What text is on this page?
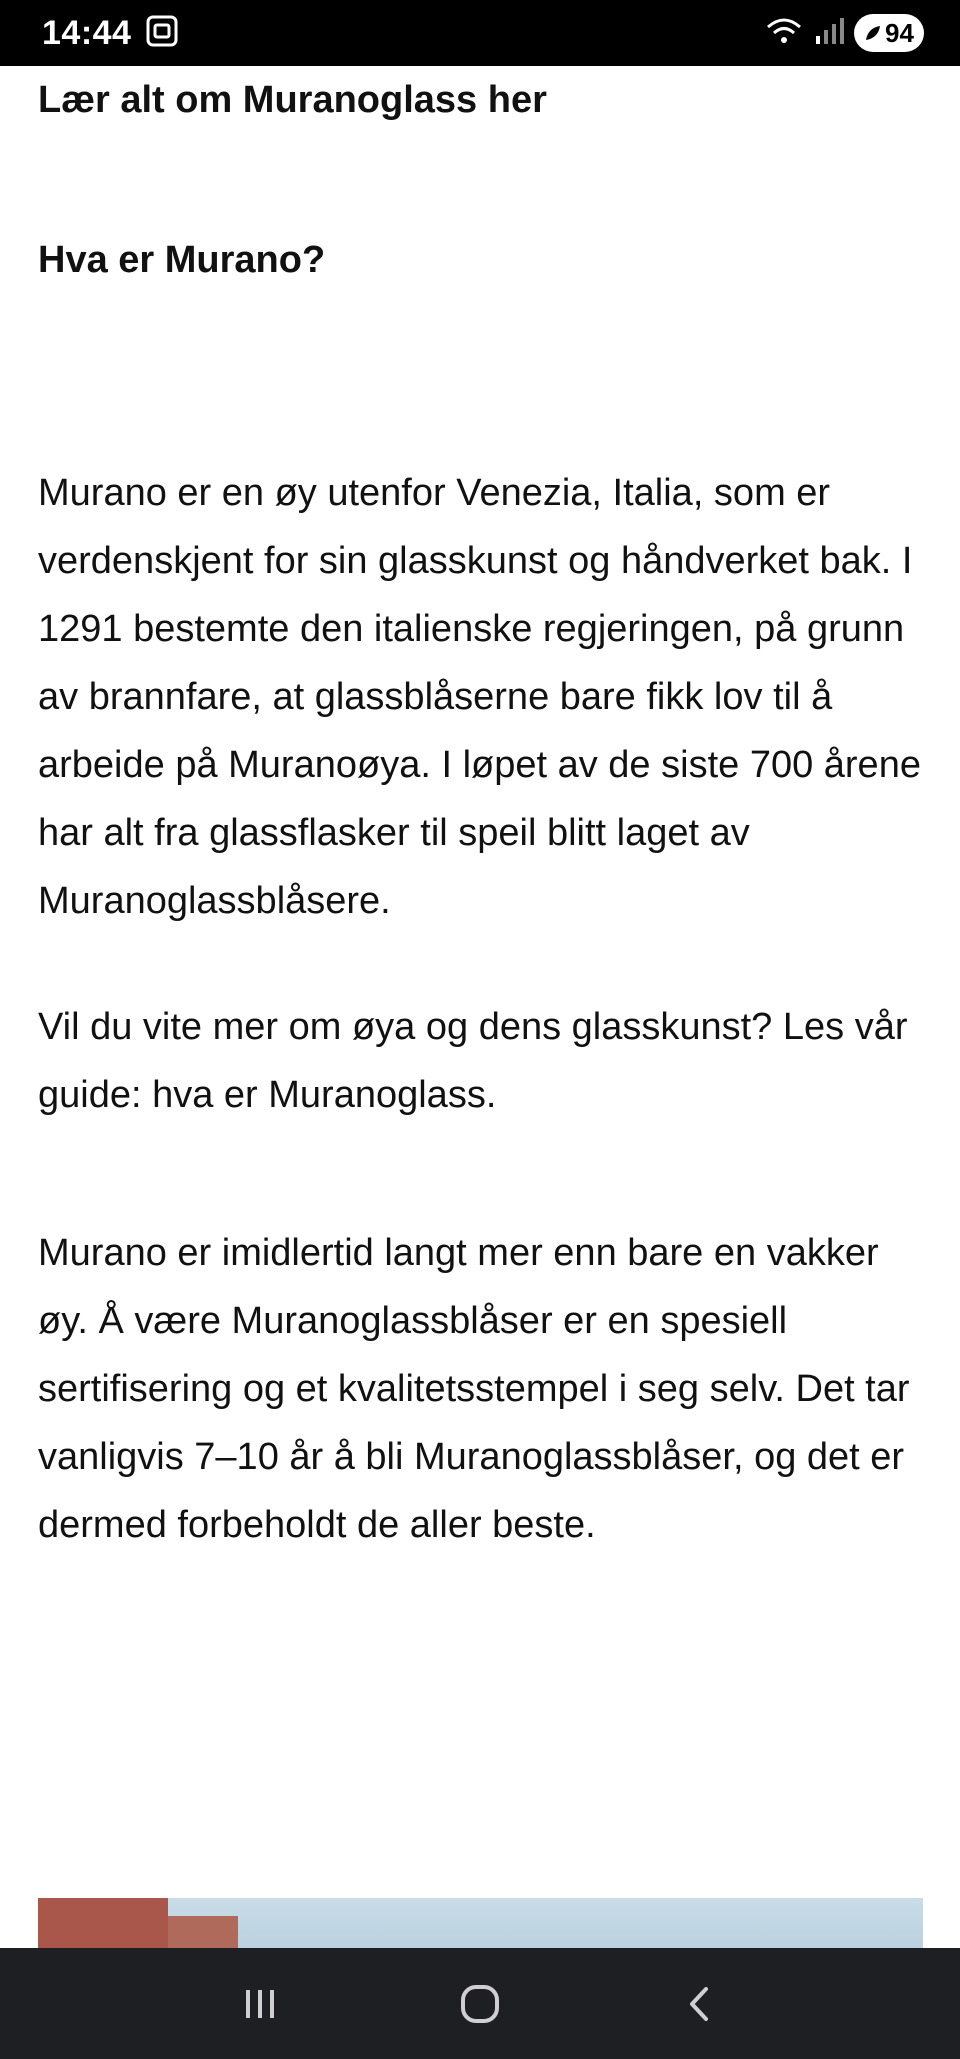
14:44	94
Lær alt om Muranoglass her
Hva er Murano?

Murano er en øy utenfor Venezia, Italia, som er verdenskjent for sin glasskunst og håndverket bak. I 1291 bestemte den italienske regjeringen, på grunn av brannfare, at glassblåserne bare fikk lov til å arbeide på Muranoøya. I løpet av de siste 700 årene har alt fra glassflasker til speil blitt laget av Muranoglassblåsere.

Vil du vite mer om øya og dens glasskunst? Les vår guide: hva er Muranoglass.

Murano er imidlertid langt mer enn bare en vakker øy. Å være Muranoglassblåser er en spesiell sertifisering og et kvalitetsstempel i seg selv. Det tar vanligvis 7–10 år å bli Muranoglassblåser, og det er dermed forbeholdt de aller beste.
